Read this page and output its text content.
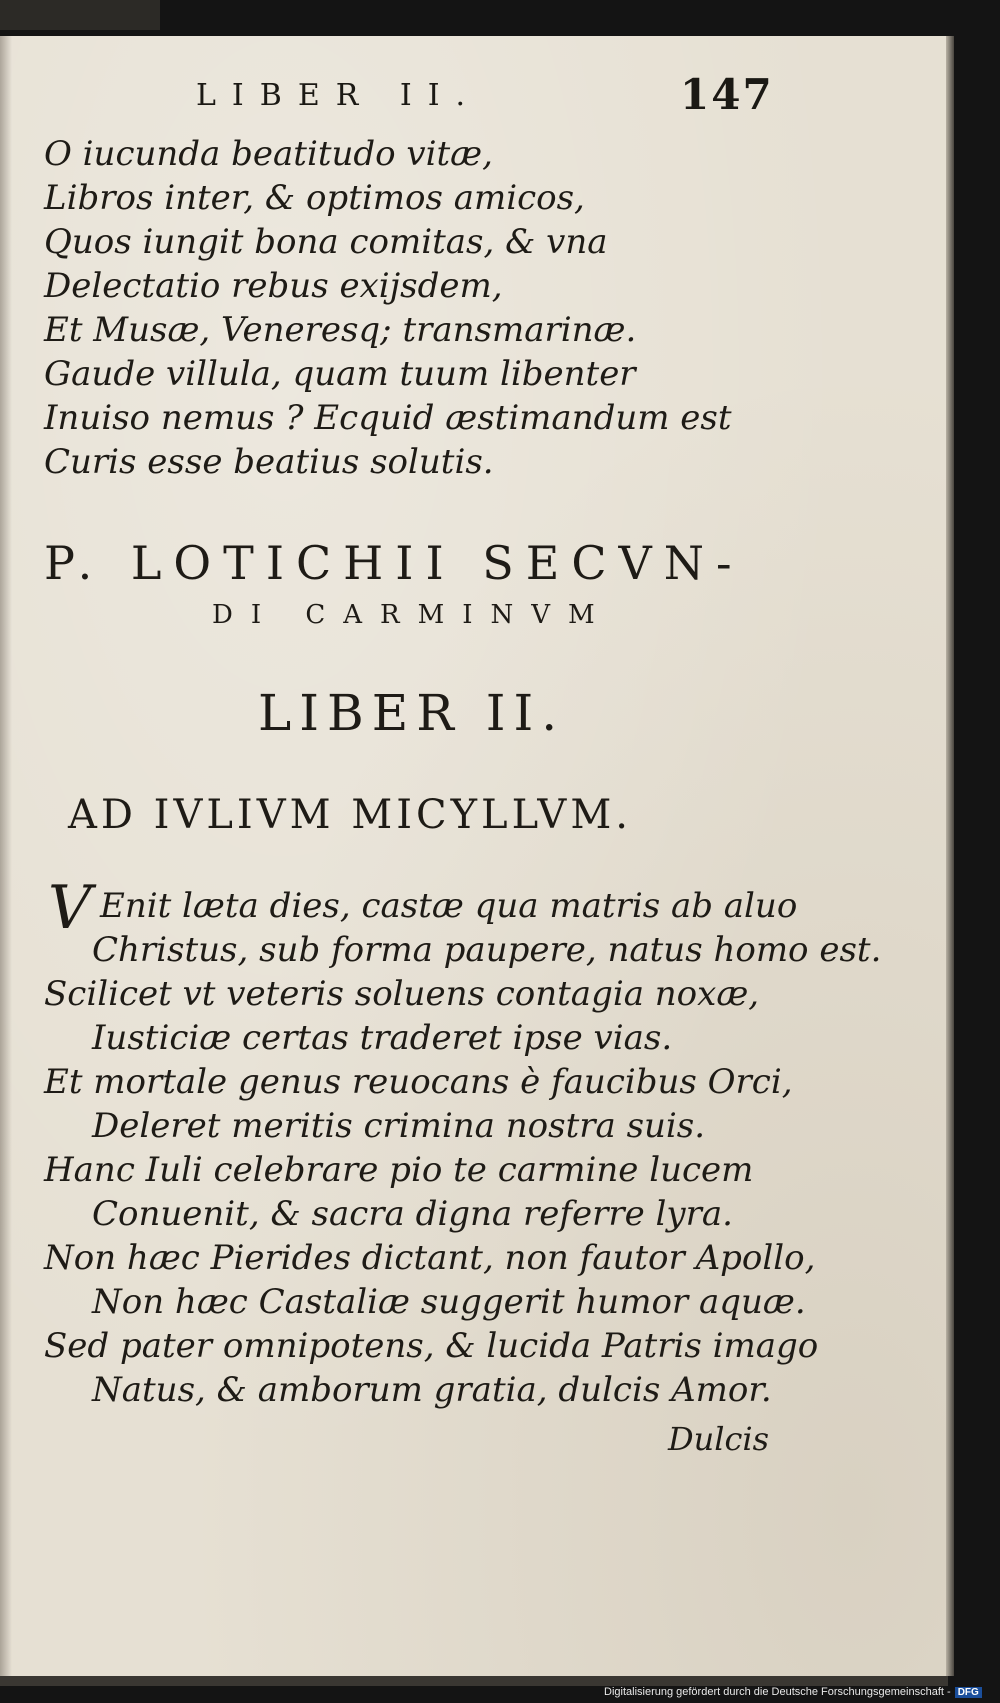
LIBER II.	147
O iucunda beatitudo vitæ,
Libros inter, & optimos amicos,
Quos iungit bona comitas, & vna
Delectatio rebus exijsdem,
Et Musæ, Veneresq; transmarinæ.
Gaude villula, quam tuum libenter
Inuiso nemus ? Ecquid æstimandum est
Curis esse beatius solutis.
P. LOTICHII SECVN-
DI CARMINVM
LIBER II.
AD IVLIVM MICYLLVM.
V Enit læta dies, castæ qua matris ab aluo
Christus, sub forma paupere, natus homo est.
Scilicet vt veteris soluens contagia noxæ,
Iusticiæ certas traderet ipse vias.
Et mortale genus reuocans è faucibus Orci,
Deleret meritis crimina nostra suis.
Hanc Iuli celebrare pio te carmine lucem
Conuenit, & sacra digna referre lyra.
Non hæc Pierides dictant, non fautor Apollo,
Non hæc Castaliæ suggerit humor aquæ.
Sed pater omnipotens, & lucida Patris imago
Natus, & amborum gratia, dulcis Amor.
Dulcis
Digitalisierung gefördert durch die Deutsche Forschungsgemeinschaft - DFG
